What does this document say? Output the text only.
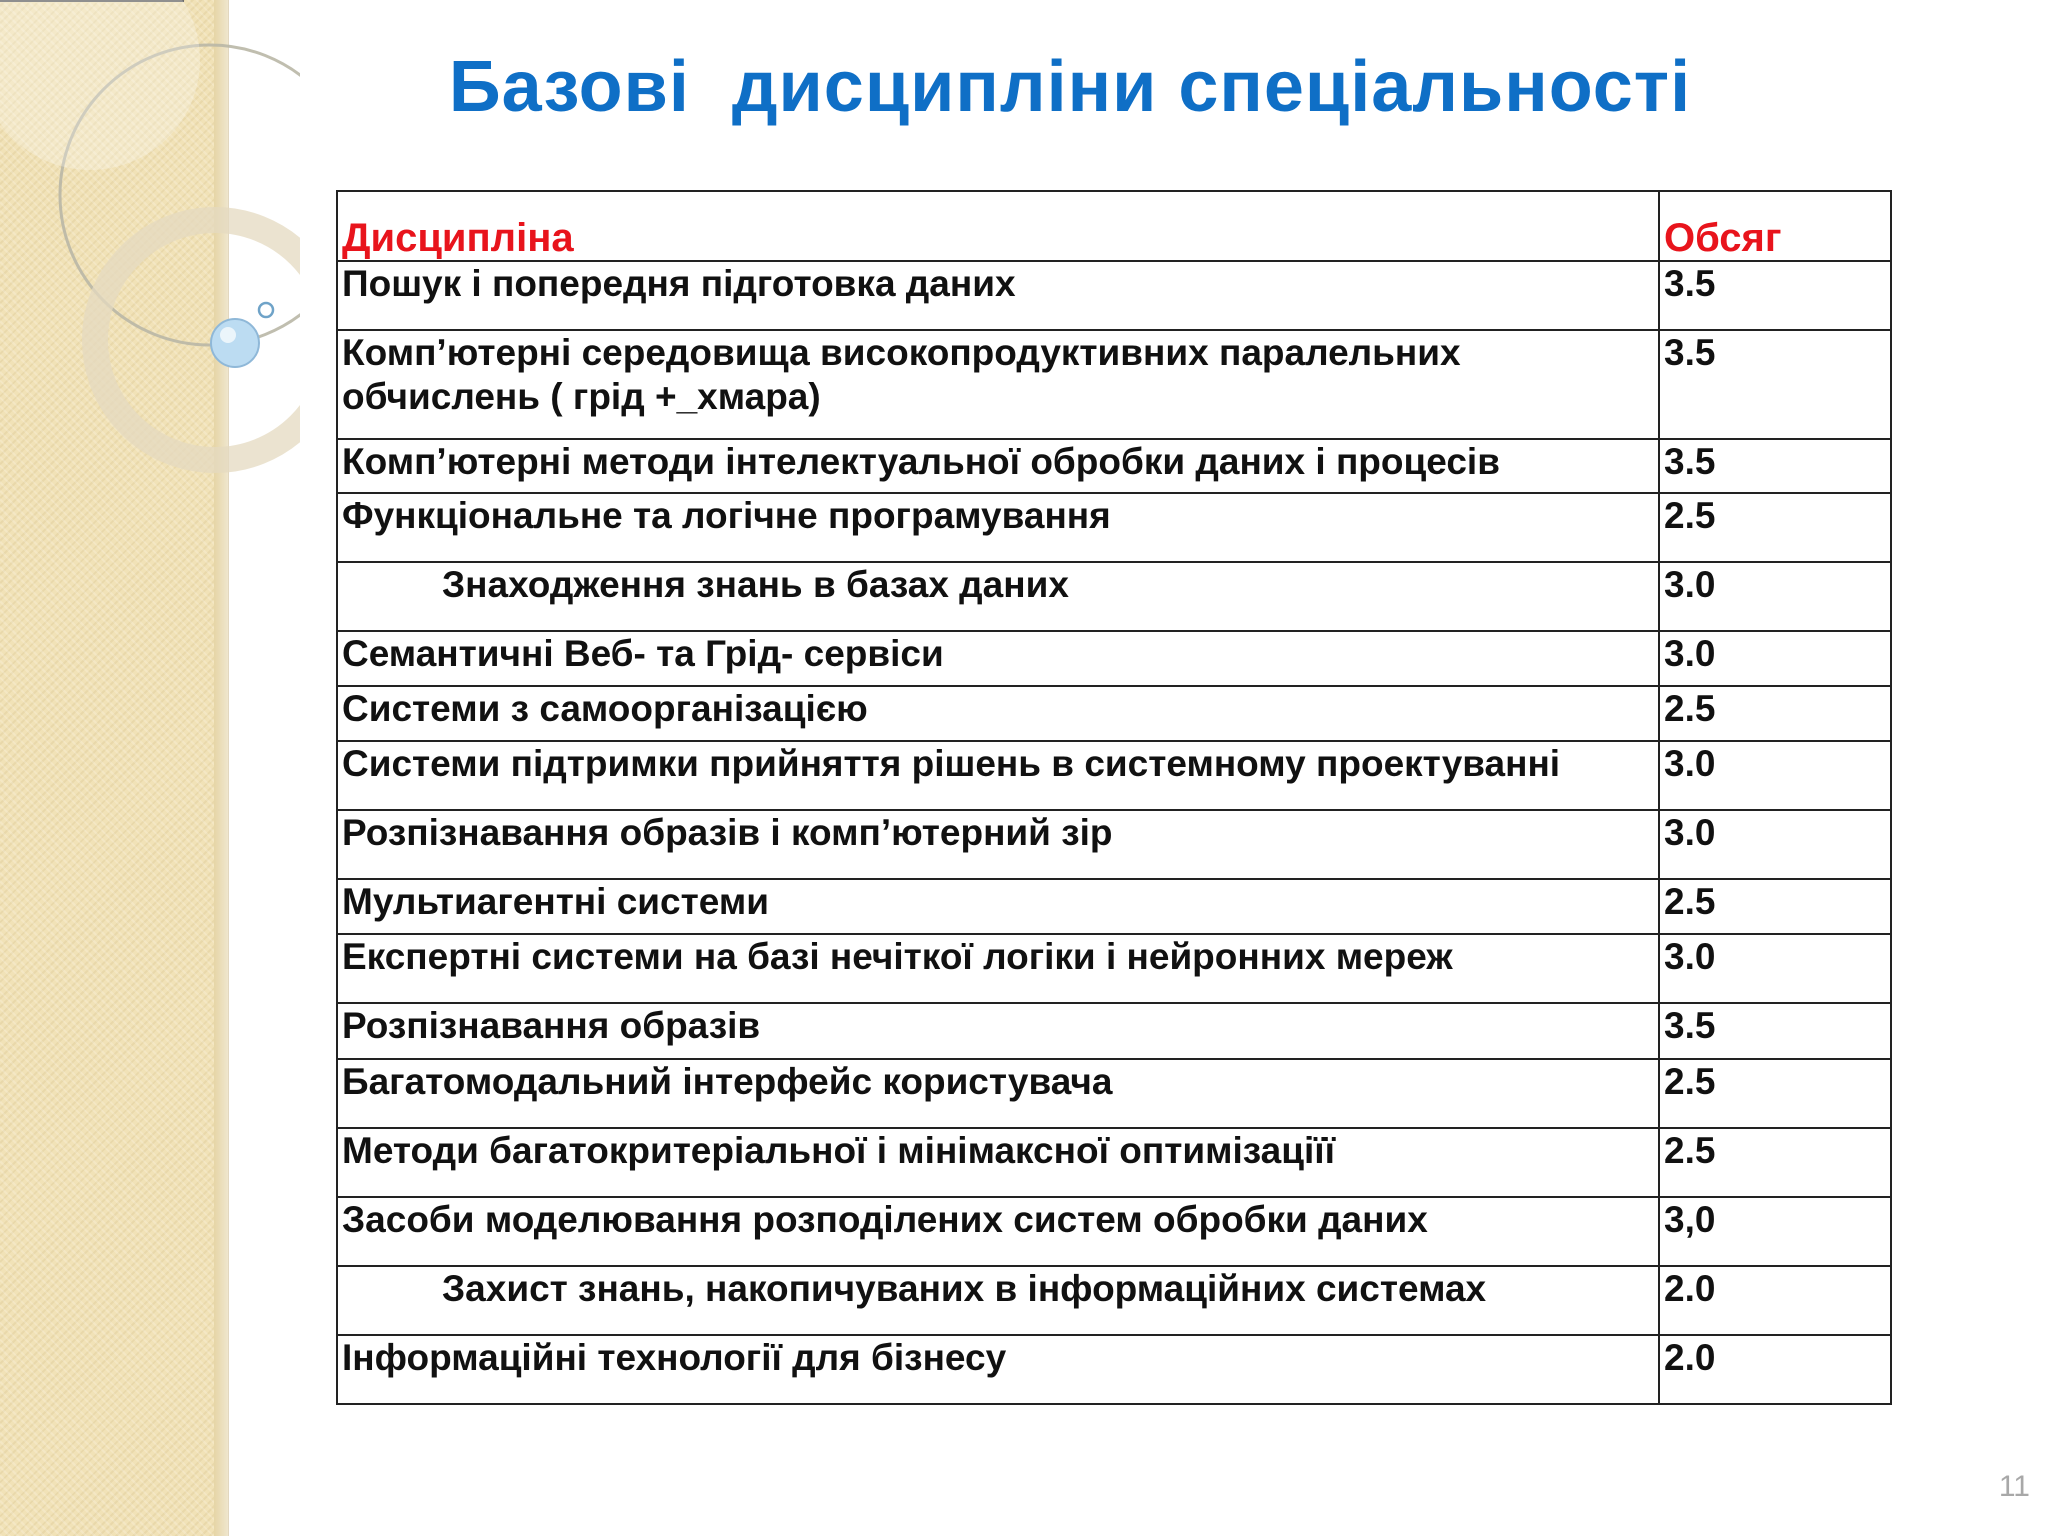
Базові  дисципліни спеціальності
Дисципліна	Обсяг
Пошук і попередня підготовка даних	3.5
Комп’ютерні середовища високопродуктивних паралельних обчислень ( грід +_хмара)	3.5
Комп’ютерні методи інтелектуальної обробки даних і процесів	3.5
Функціональне та логічне програмування	2.5
Знаходження знань в базах даних	3.0
Семантичні Веб- та Грід- сервіси	3.0
Системи з самоорганізацією	2.5
Системи підтримки прийняття рішень в системному проектуванні	3.0
Розпізнавання образів і комп’ютерний зір	3.0
Мультиагентні системи	2.5
Експертні системи на базі нечіткої логіки і нейронних мереж	3.0
Розпізнавання образів	3.5
Багатомодальний інтерфейс користувача	2.5
Методи багатокритеріальної і мінімаксної оптимізаціїї	2.5
Засоби моделювання розподілених систем обробки даних	3,0
Захист знань, накопичуваних в інформаційних системах	2.0
Інформаційні технології для бізнесу	2.0
11
